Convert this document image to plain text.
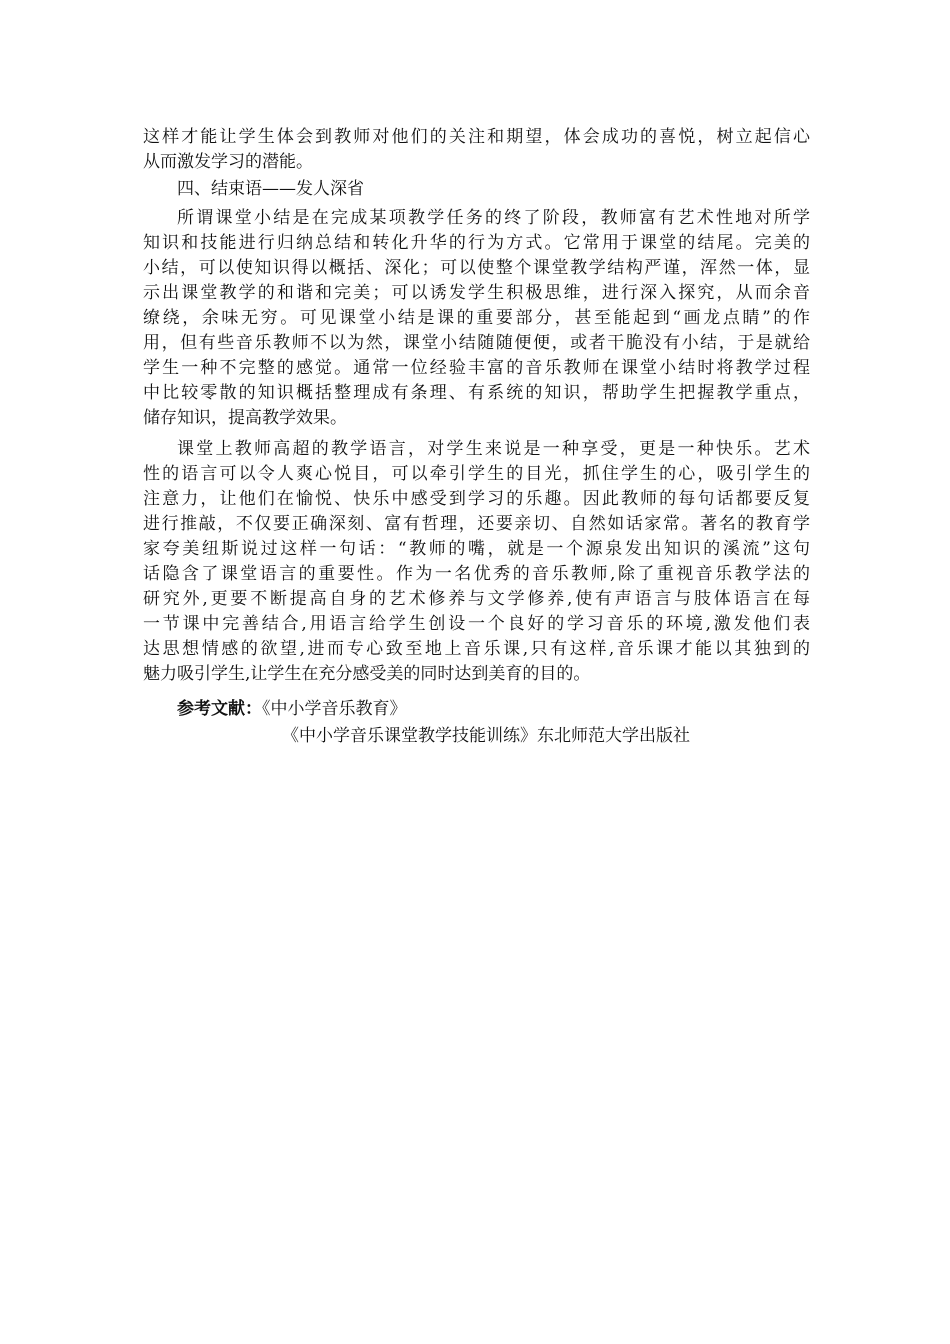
这样才能让学生体会到教师对他们的关注和期望，体会成功的喜悦，树立起信心
从而激发学习的潜能。
四、结束语——发人深省
所谓课堂小结是在完成某项教学任务的终了阶段，教师富有艺术性地对所学
知识和技能进行归纳总结和转化升华的行为方式。它常用于课堂的结尾。完美的
小结，可以使知识得以概括、深化；可以使整个课堂教学结构严谨，浑然一体，显
示出课堂教学的和谐和完美；可以诱发学生积极思维，进行深入探究，从而余音
缭绕，余味无穷。可见课堂小结是课的重要部分，甚至能起到“画龙点睛”的作
用，但有些音乐教师不以为然，课堂小结随随便便，或者干脆没有小结，于是就给
学生一种不完整的感觉。通常一位经验丰富的音乐教师在课堂小结时将教学过程
中比较零散的知识概括整理成有条理、有系统的知识，帮助学生把握教学重点，
储存知识，提高教学效果。
课堂上教师高超的教学语言，对学生来说是一种享受，更是一种快乐。艺术
性的语言可以令人爽心悦目，可以牵引学生的目光，抓住学生的心，吸引学生的
注意力，让他们在愉悦、快乐中感受到学习的乐趣。因此教师的每句话都要反复
进行推敲，不仅要正确深刻、富有哲理，还要亲切、自然如话家常。著名的教育学
家夸美纽斯说过这样一句话：“教师的嘴，就是一个源泉发出知识的溪流”这句
话隐含了课堂语言的重要性。作为一名优秀的音乐教师,除了重视音乐教学法的
研究外,更要不断提高自身的艺术修养与文学修养,使有声语言与肢体语言在每
一节课中完善结合,用语言给学生创设一个良好的学习音乐的环境,激发他们表
达思想情感的欲望,进而专心致至地上音乐课,只有这样,音乐课才能以其独到的
魅力吸引学生,让学生在充分感受美的同时达到美育的目的。
参考文献：《中小学音乐教育》
《中小学音乐课堂教学技能训练》东北师范大学出版社
